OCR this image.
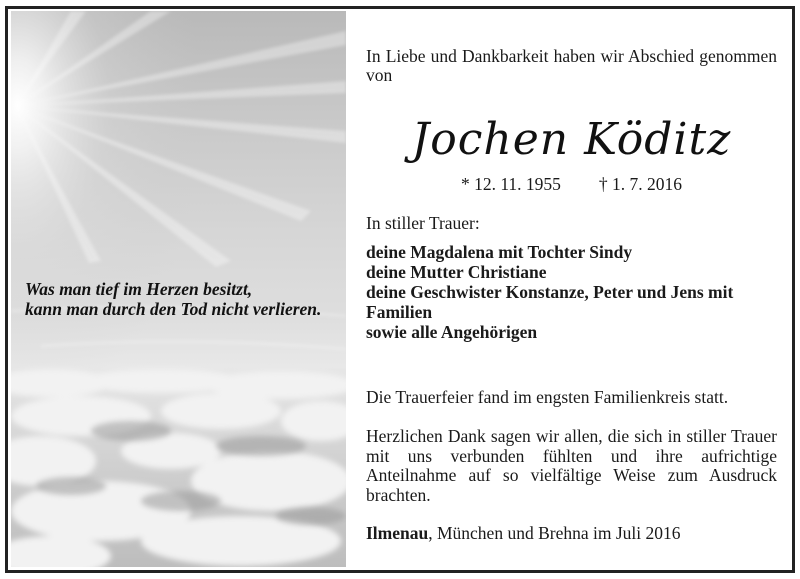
Was man tief im Herzen besitzt,
kann man durch den Tod nicht verlieren.
In Liebe und Dankbarkeit haben wir Abschied genommen von
Jochen Köditz
* 12. 11. 1955 † 1. 7. 2016
In stiller Trauer:
deine Magdalena mit Tochter Sindy
deine Mutter Christiane
deine Geschwister Konstanze, Peter und Jens mit Familien
sowie alle Angehörigen
Die Trauerfeier fand im engsten Familienkreis statt.
Herzlichen Dank sagen wir allen, die sich in stiller Trauer mit uns verbunden fühlten und ihre aufrichtige Anteilnahme auf so vielfältige Weise zum Ausdruck brachten.
Ilmenau, München und Brehna im Juli 2016
